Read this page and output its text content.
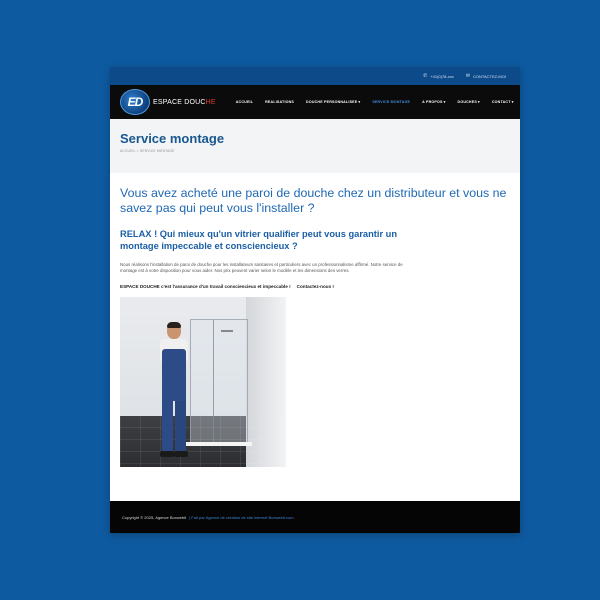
✆ +41(0)78-xxx ✉ CONTACTEZ-MOI
ED ESPACE DOUCHE	ACCUEIL	REALISATIONS	DOUCHE PERSONNALISEE▾	SERVICE MONTAGE	A PROPOS▾	DOUCHES▾	CONTACT▾
Service montage
ACCUEIL > SERVICE MONTAGE
Vous avez acheté une paroi de douche chez un distributeur et vous ne savez pas qui peut vous l'installer ?
RELAX ! Qui mieux qu'un vitrier qualifier peut vous garantir un montage impeccable et consciencieux ?
Nous réalisons l'installation de paroi de douche pour les installateurs sanitaires et particuliers avec un professionnalisme affirmé. Notre service de montage est à votre disposition pour vous aider. Nos prix peuvent varier selon le modèle et les dimensions des verres.
ESPACE DOUCHE c'est l'assurance d'un travail consciencieux et impeccable ! Contactez-nous !
Copyright © 2025, Agence Boxwebit | Fait par Agence de création de site internet Boxwebit.com
